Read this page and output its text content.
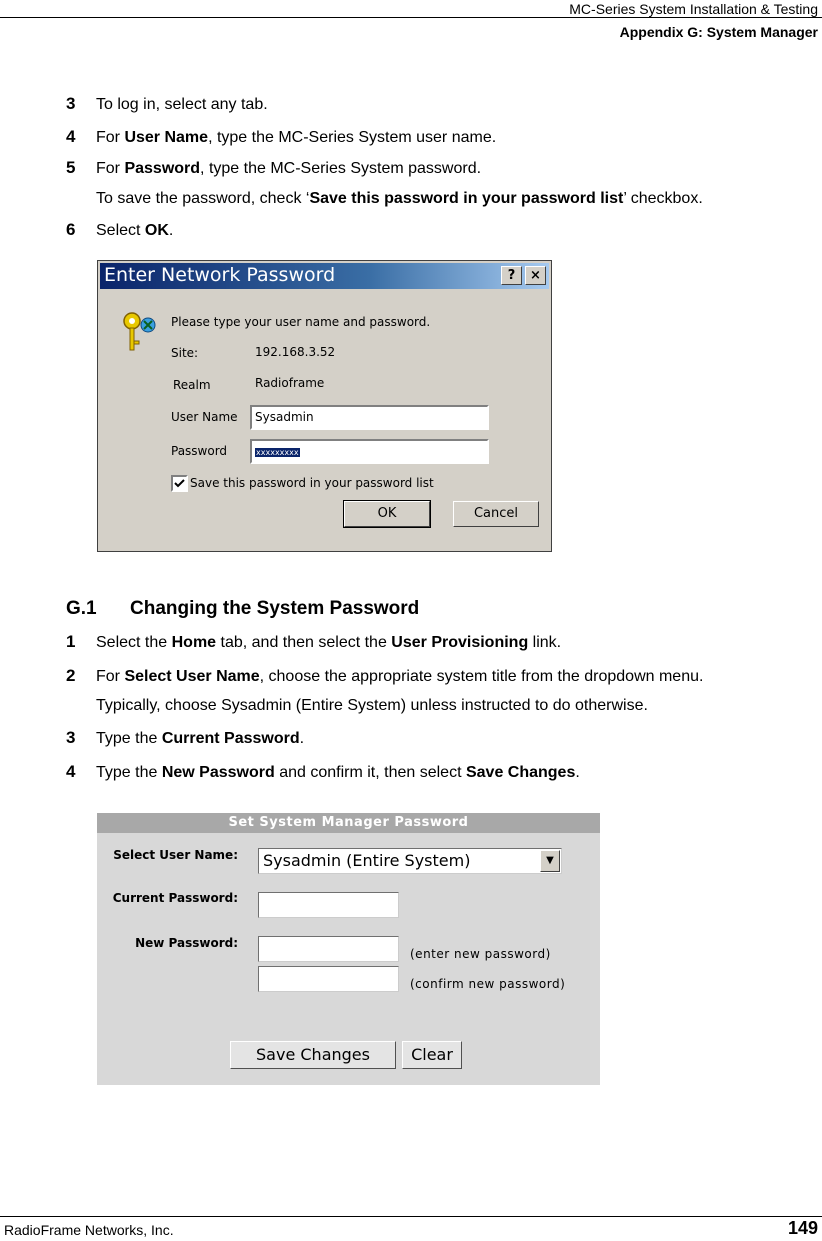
MC-Series System Installation & Testing
Appendix G: System Manager
3 To log in, select any tab.
4 For User Name, type the MC-Series System user name.
5 For Password, type the MC-Series System password.
To save the password, check ‘Save this password in your password list’ checkbox.
6 Select OK.
Enter Network Password	?	×
Please type your user name and password.
Site:	192.168.3.52
Realm	Radioframe
User Name	Sysadmin
Password	xxxxxxxxx
Save this password in your password list
OK	Cancel
G.1 Changing the System Password
1 Select the Home tab, and then select the User Provisioning link.
2 For Select User Name, choose the appropriate system title from the dropdown menu.
Typically, choose Sysadmin (Entire System) unless instructed to do otherwise.
3 Type the Current Password.
4 Type the New Password and confirm it, then select Save Changes.
Set System Manager Password
Select User Name:	Sysadmin (Entire System)	▼
Current Password:
New Password:
(enter new password)
(confirm new password)
Save Changes	Clear
RadioFrame Networks, Inc.	149
